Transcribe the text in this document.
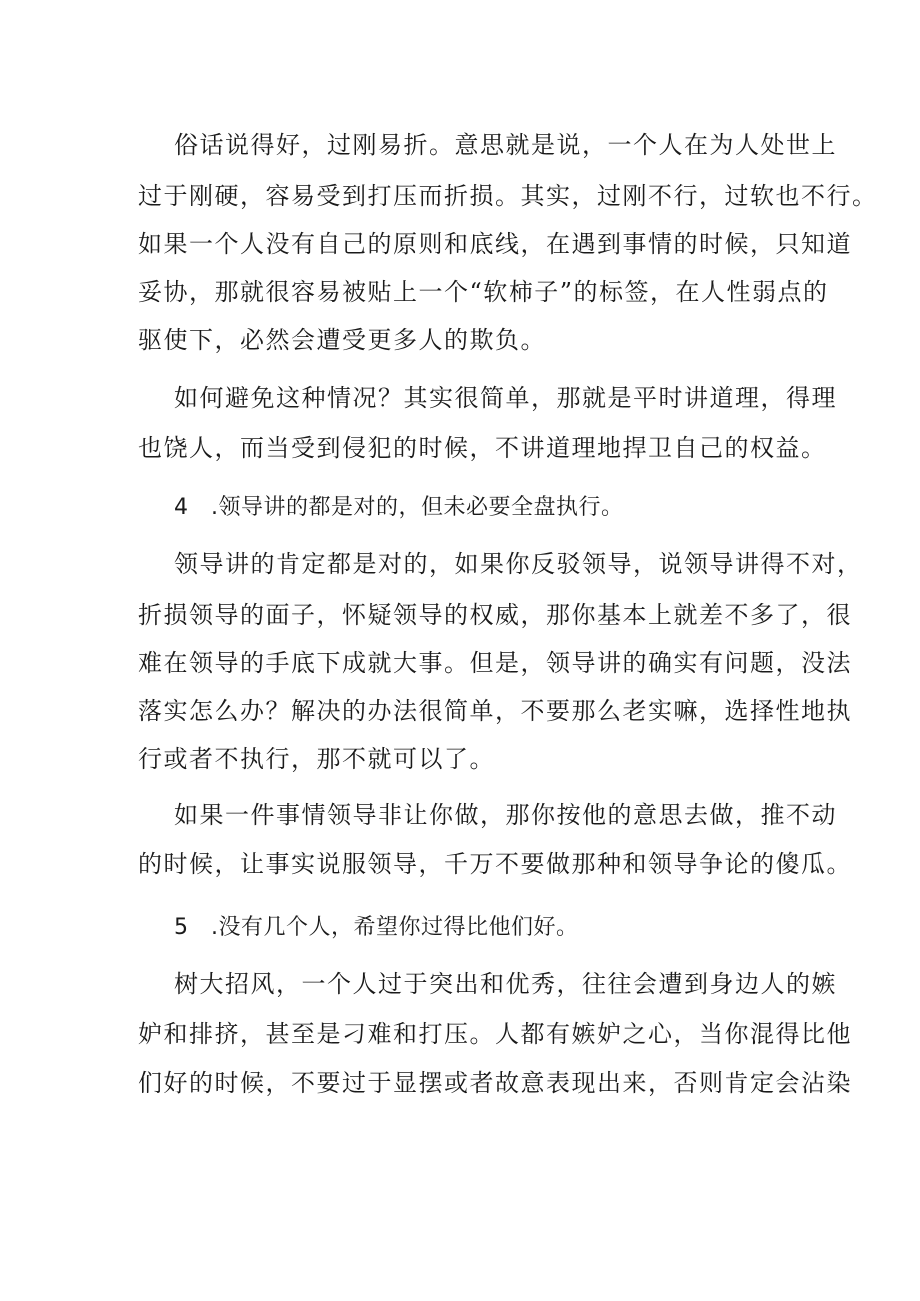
俗话说得好，过刚易折。意思就是说，一个人在为人处世上
过于刚硬，容易受到打压而折损。其实，过刚不行，过软也不行。
如果一个人没有自己的原则和底线，在遇到事情的时候，只知道
妥协，那就很容易被贴上一个“软柿子”的标签，在人性弱点的
驱使下，必然会遭受更多人的欺负。
如何避免这种情况？其实很简单，那就是平时讲道理，得理
也饶人，而当受到侵犯的时候，不讲道理地捍卫自己的权益。
4　.领导讲的都是对的，但未必要全盘执行。
领导讲的肯定都是对的，如果你反驳领导，说领导讲得不对，
折损领导的面子，怀疑领导的权威，那你基本上就差不多了，很
难在领导的手底下成就大事。但是，领导讲的确实有问题，没法
落实怎么办？解决的办法很简单，不要那么老实嘛，选择性地执
行或者不执行，那不就可以了。
如果一件事情领导非让你做，那你按他的意思去做，推不动
的时候，让事实说服领导，千万不要做那种和领导争论的傻瓜。
5　.没有几个人，希望你过得比他们好。
树大招风，一个人过于突出和优秀，往往会遭到身边人的嫉
妒和排挤，甚至是刁难和打压。人都有嫉妒之心，当你混得比他
们好的时候，不要过于显摆或者故意表现出来，否则肯定会沾染
